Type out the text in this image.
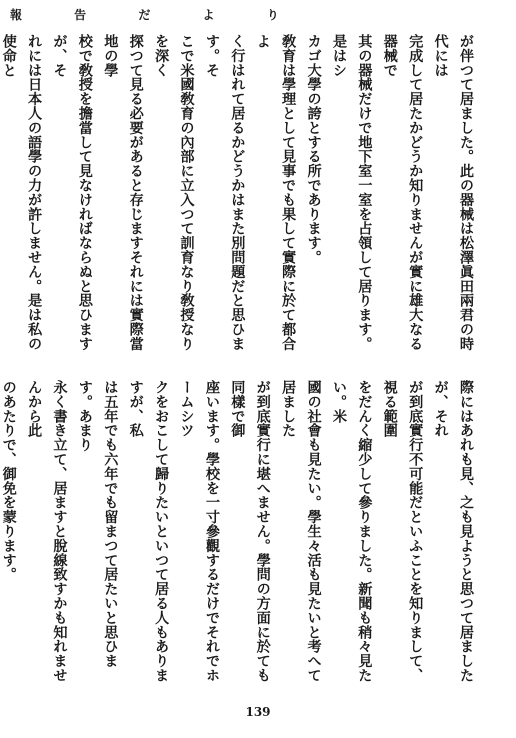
報 告 だ よ り

が伴つて居ました。此の器械は松澤眞田兩君の時代には

完成して居たかどうか知りませんが實に雄大なる器械で

其の器械だけで地下室一室を占領して居ります。是はシ

カゴ大學の誇とする所であります。

敎育は學理として見事でも果して實際に於て都合よ

く行はれて居るかどうかはまた別問題だと思ひます。そ

こで米國敎育の內部に立入つて訓育なり敎授なりを深く

探つて見る必要があると存じますそれには實際當地の學

校で敎授を擔當して見なければならぬと思ひますが、そ

れには日本人の語學の力が許しません。是は私の使命と

際にはあれも見、之も見ようと思つて居ましたが、それ

が到底實行不可能だといふことを知りまして、視る範圍

をだんく縮少して參りました。新聞も稍々見たい。米

國の社會も見たい。學生々活も見たいと考へて居ました

が到底實行に堪へません。學問の方面に於ても同樣で御

座います。學校を一寸參觀するだけでそれでホームシツ

クをおこして歸りたいといつて居る人もありますが、私

は五年でも六年でも留まつて居たいと思ひます。あまり

永く書き立て、居ますと脫線致すかも知れませんから此

のあたりで、御免を蒙ります。

139
